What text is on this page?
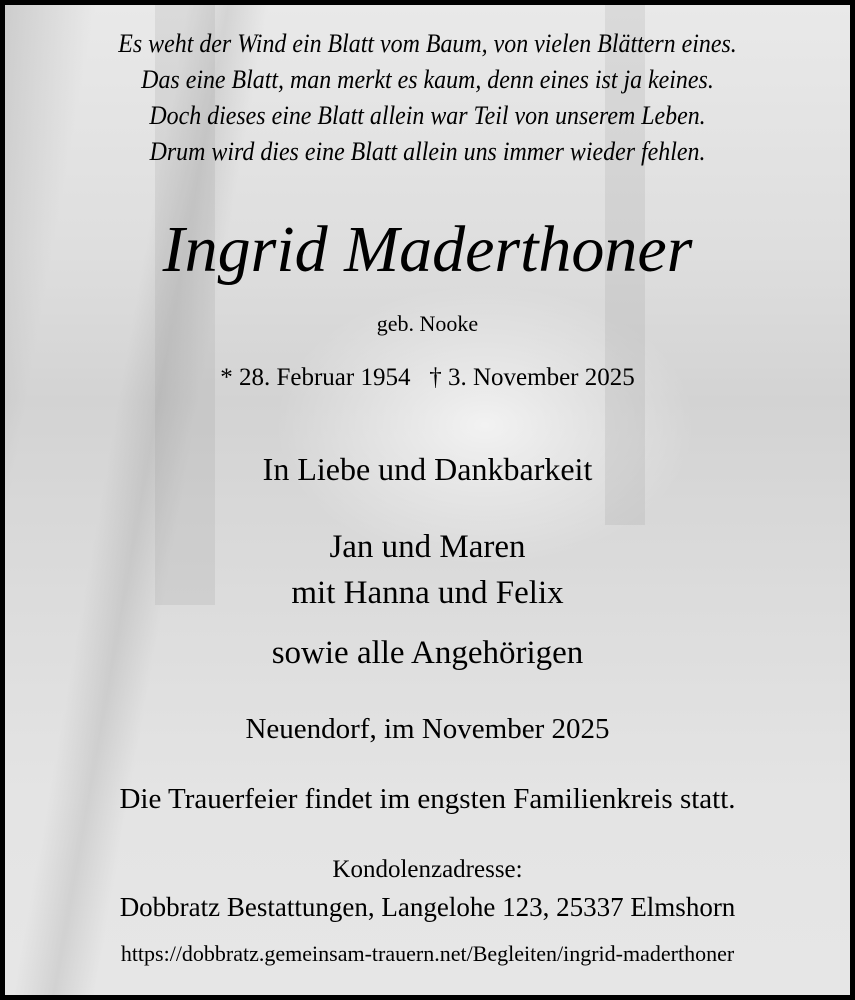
Es weht der Wind ein Blatt vom Baum, von vielen Blättern eines.
Das eine Blatt, man merkt es kaum, denn eines ist ja keines.
Doch dieses eine Blatt allein war Teil von unserem Leben.
Drum wird dies eine Blatt allein uns immer wieder fehlen.
Ingrid Maderthoner
geb. Nooke
* 28. Februar 1954 † 3. November 2025
In Liebe und Dankbarkeit
Jan und Maren
mit Hanna und Felix
sowie alle Angehörigen
Neuendorf, im November 2025
Die Trauerfeier findet im engsten Familienkreis statt.
Kondolenzadresse:
Dobbratz Bestattungen, Langelohe 123, 25337 Elmshorn
https://dobbratz.gemeinsam-trauern.net/Begleiten/ingrid-maderthoner
